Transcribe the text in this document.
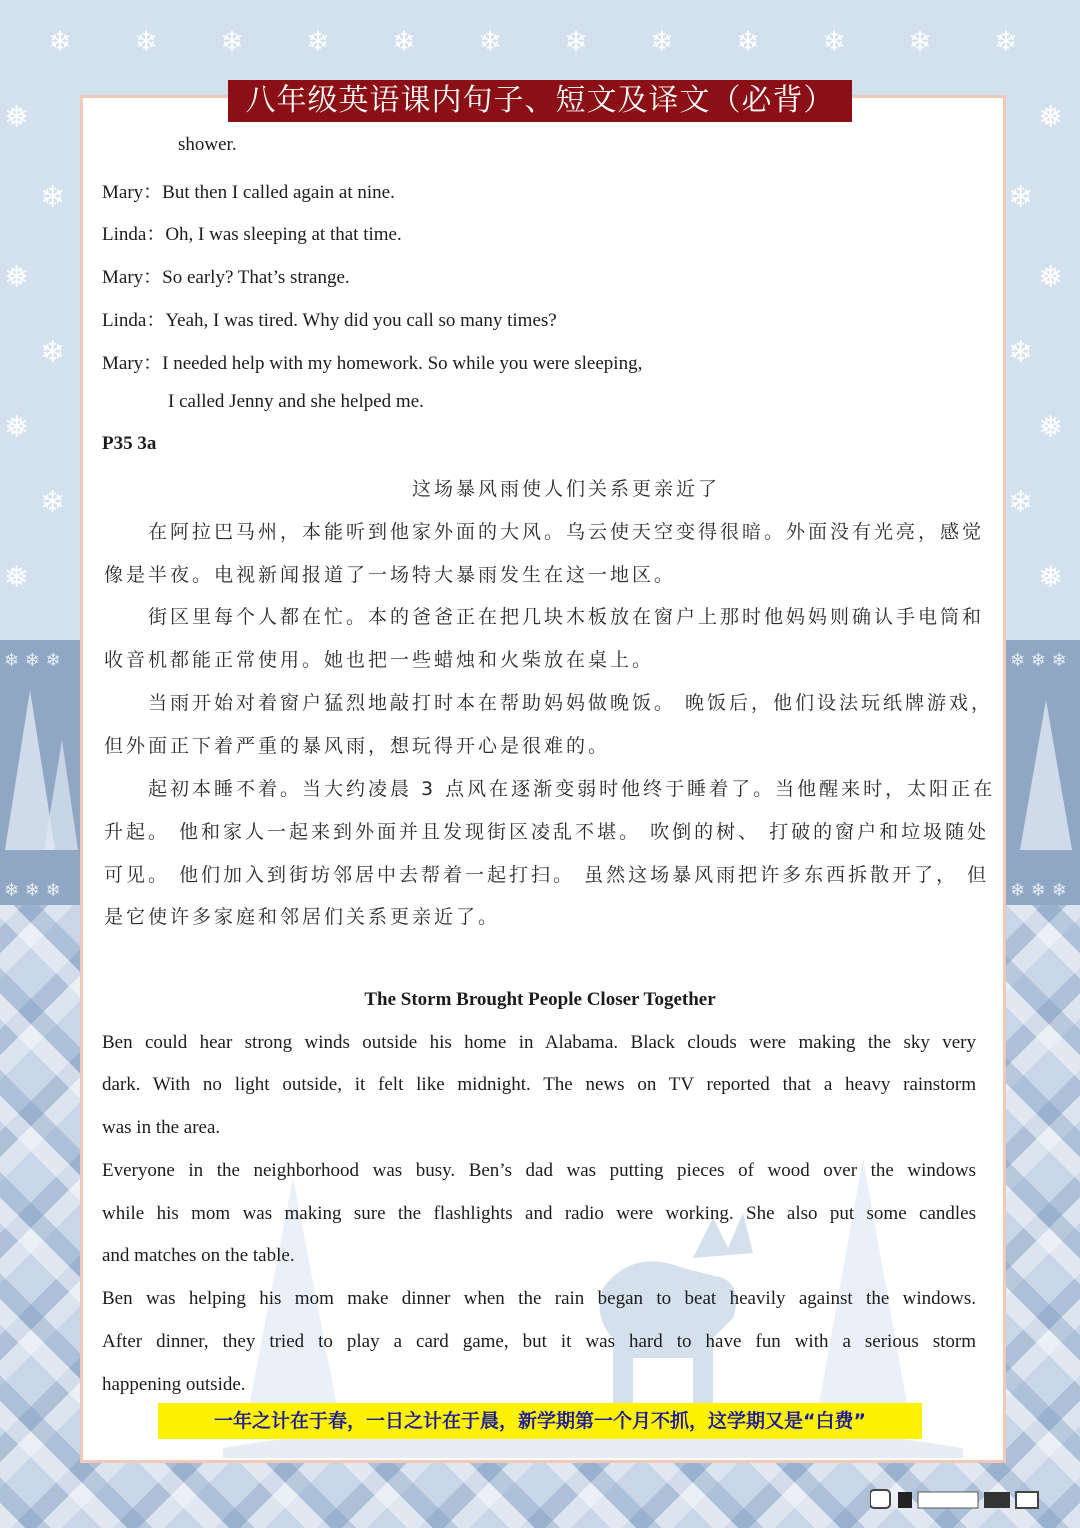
❄ ❄ ❄ ❄ ❄ ❄ ❄ ❄ ❄ ❄ ❄ ❄
❅
❄
❅
❄
❅
❄
❅
❅
❄
❅
❄
❅
❄
❅
❄ ❄ ❄	❄ ❄ ❄
❄ ❄ ❄	❄ ❄ ❄
八年级英语课内句子、短文及译文（必背）
shower.
Mary：But then I called again at nine.
Linda：Oh, I was sleeping at that time.
Mary：So early? That’s strange.
Linda：Yeah, I was tired. Why did you call so many times?
Mary：I needed help with my homework. So while you were sleeping,
I called Jenny and she helped me.
P35 3a
这场暴风雨使人们关系更亲近了
在阿拉巴马州，本能听到他家外面的大风。乌云使天空变得很暗。外面没有光亮，感觉
像是半夜。电视新闻报道了一场特大暴雨发生在这一地区。
街区里每个人都在忙。本的爸爸正在把几块木板放在窗户上那时他妈妈则确认手电筒和
收音机都能正常使用。她也把一些蜡烛和火柴放在桌上。
当雨开始对着窗户猛烈地敲打时本在帮助妈妈做晚饭。 晚饭后，他们设法玩纸牌游戏，
但外面正下着严重的暴风雨，想玩得开心是很难的。
起初本睡不着。当大约凌晨 3 点风在逐渐变弱时他终于睡着了。当他醒来时，太阳正在
升起。 他和家人一起来到外面并且发现街区凌乱不堪。 吹倒的树、 打破的窗户和垃圾随处
可见。 他们加入到街坊邻居中去帮着一起打扫。 虽然这场暴风雨把许多东西拆散开了， 但
是它使许多家庭和邻居们关系更亲近了。
The Storm Brought People Closer Together
Ben could hear strong winds outside his home in Alabama. Black clouds were making the sky very
dark. With no light outside, it felt like midnight. The news on TV reported that a heavy rainstorm
was in the area.
Everyone in the neighborhood was busy. Ben’s dad was putting pieces of wood over the windows
while his mom was making sure the flashlights and radio were working. She also put some candles
and matches on the table.
Ben was helping his mom make dinner when the rain began to beat heavily against the windows.
After dinner, they tried to play a card game, but it was hard to have fun with a serious storm
happening outside.
一年之计在于春，一日之计在于晨，新学期第一个月不抓，这学期又是“白费”
